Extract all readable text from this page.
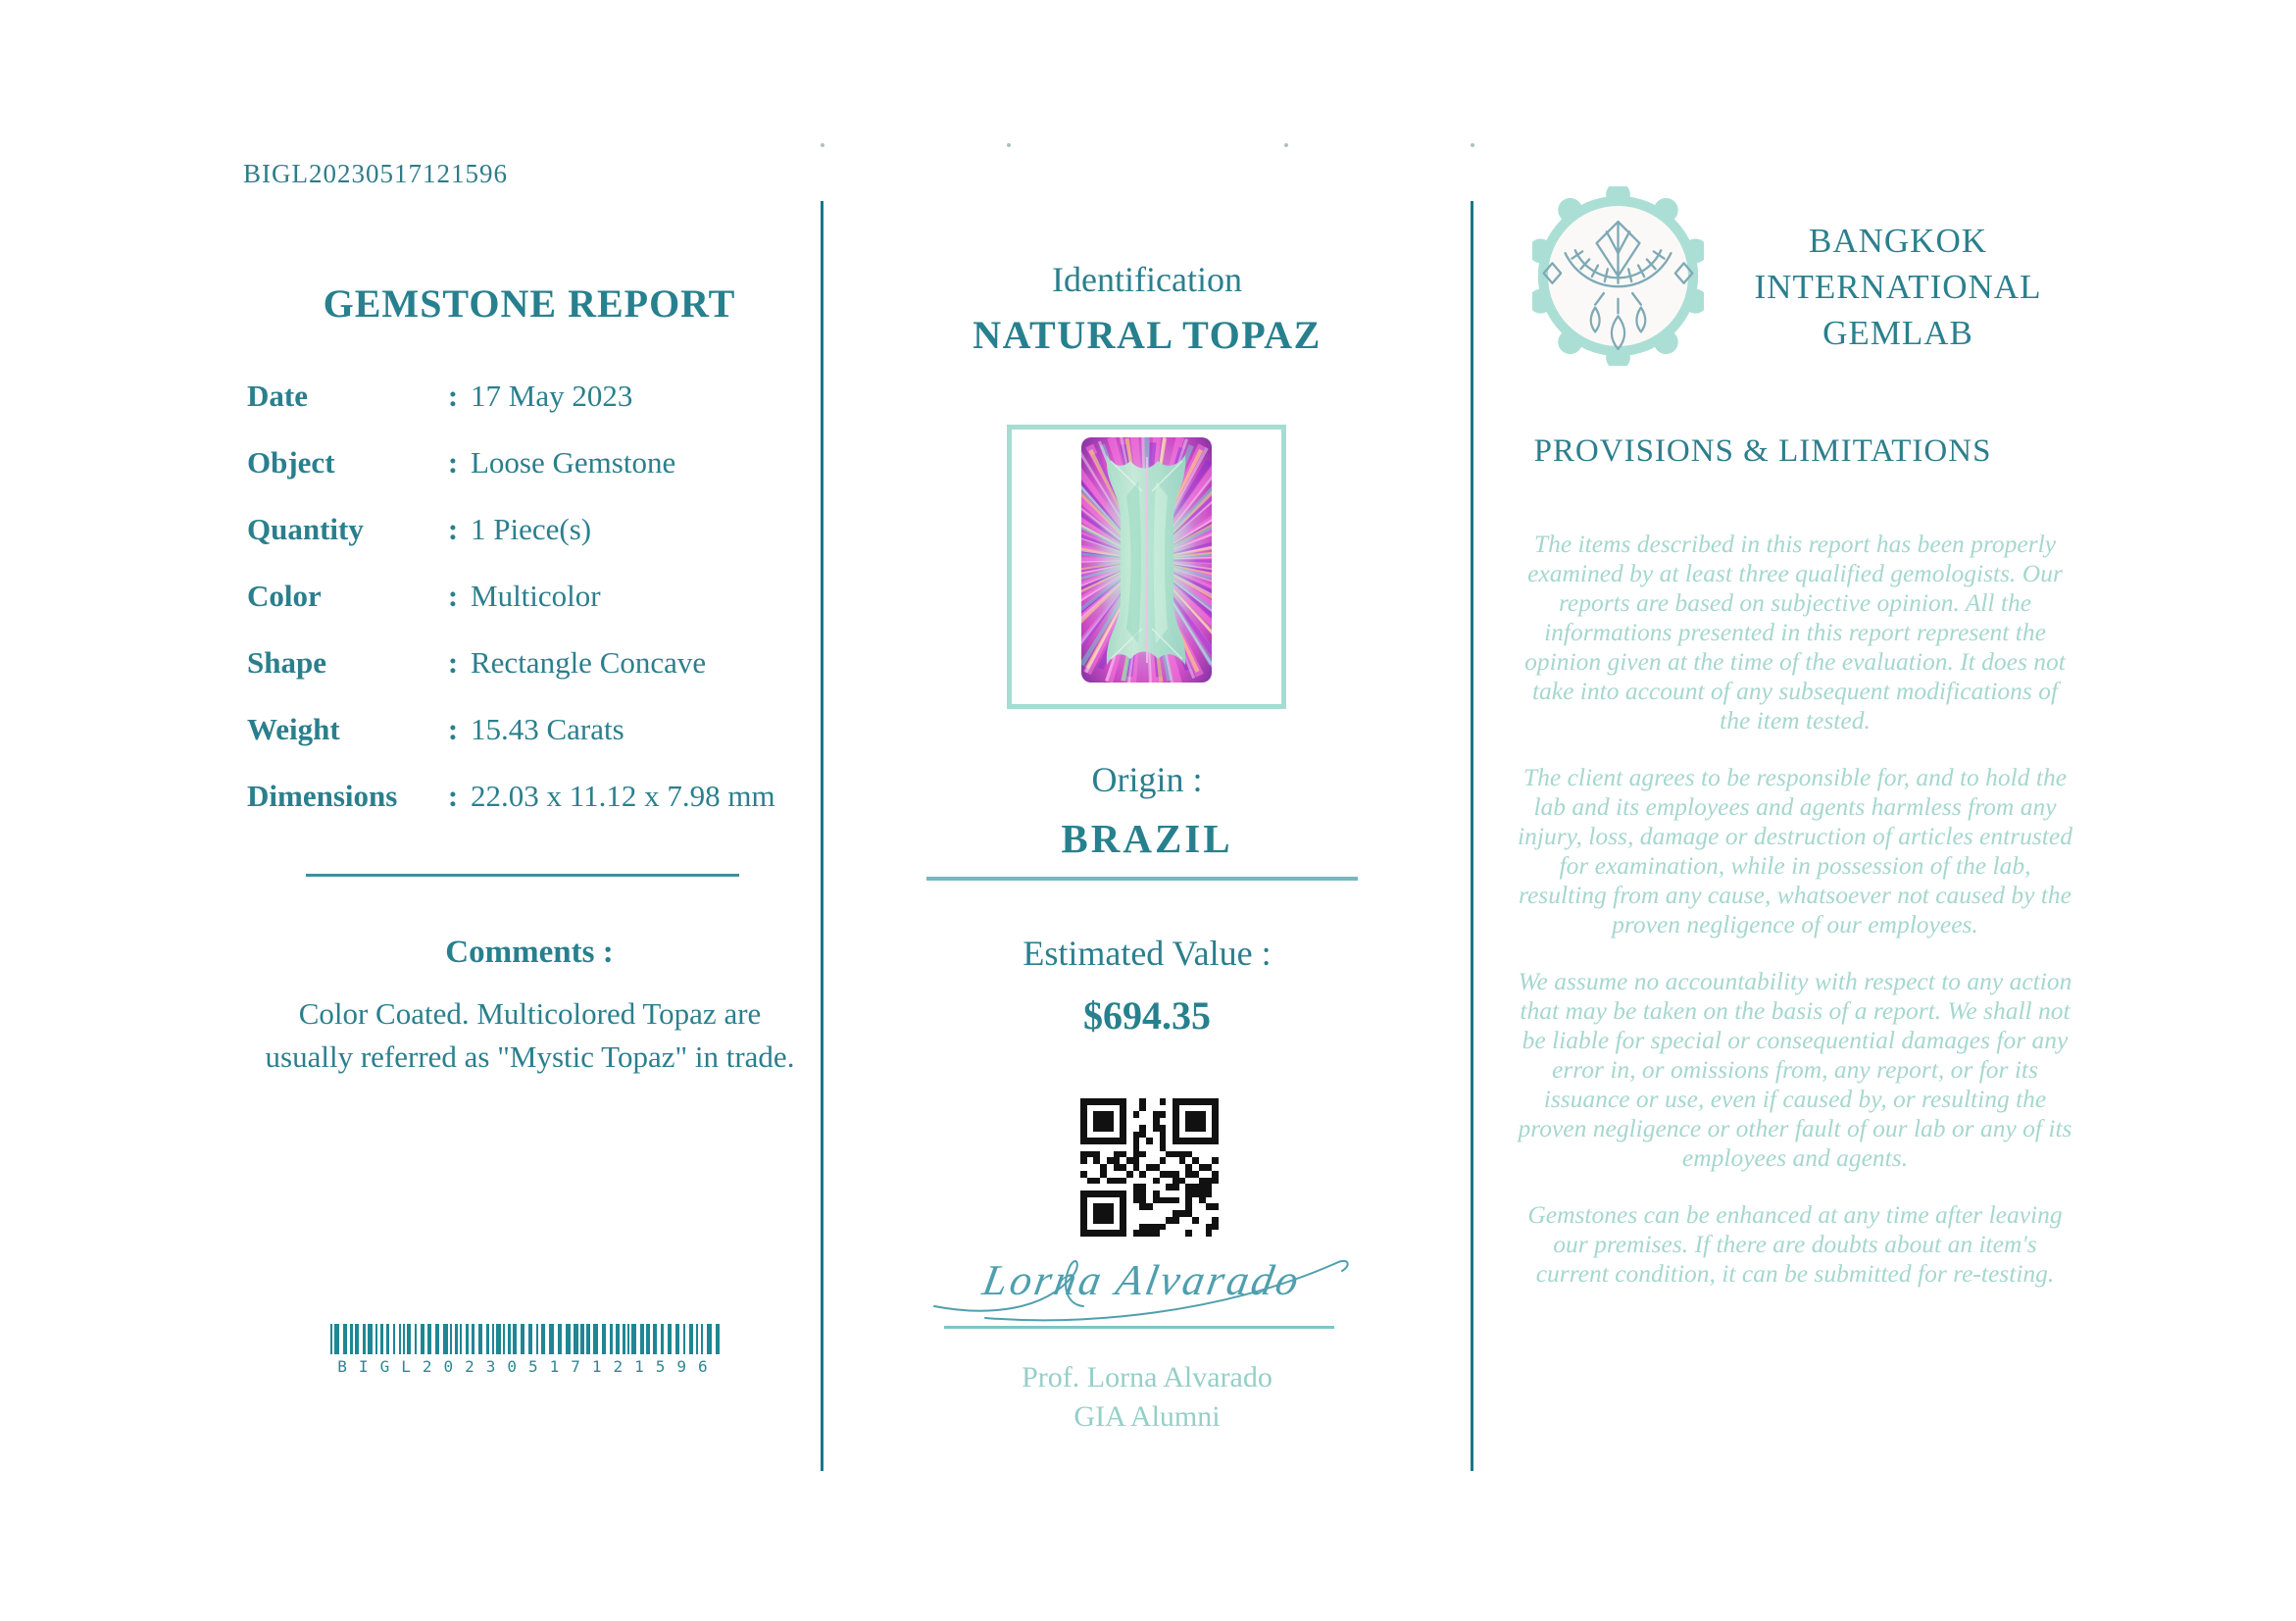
BIGL20230517121596
GEMSTONE REPORT
Date	: 17 May 2023
Object	: Loose Gemstone
Quantity	: 1 Piece(s)
Color	: Multicolor
Shape	: Rectangle Concave
Weight	: 15.43 Carats
Dimensions	: 22.03 x 11.12 x 7.98 mm
Comments :
Color Coated. Multicolored Topaz are usually referred as "Mystic Topaz" in trade.
BIGL20230517121596
Identification
NATURAL TOPAZ
Origin :
BRAZIL
Estimated Value :
$694.35
Lorna Alvarado
Prof. Lorna Alvarado
GIA Alumni
BANGKOK
INTERNATIONAL
GEMLAB
PROVISIONS & LIMITATIONS

The items described in this report has been properly examined by at least three qualified gemologists. Our reports are based on subjective opinion. All the informations presented in this report represent the opinion given at the time of the evaluation. It does not take into account of any subsequent modifications of the item tested.

The client agrees to be responsible for, and to hold the lab and its employees and agents harmless from any injury, loss, damage or destruction of articles entrusted for examination, while in possession of the lab, resulting from any cause, whatsoever not caused by the proven negligence of our employees.

We assume no accountability with respect to any action that may be taken on the basis of a report. We shall not be liable for special or consequential damages for any error in, or omissions from, any report, or for its issuance or use, even if caused by, or resulting the proven negligence or other fault of our lab or any of its employees and agents.

Gemstones can be enhanced at any time after leaving our premises. If there are doubts about an item's current condition, it can be submitted for re-testing.
